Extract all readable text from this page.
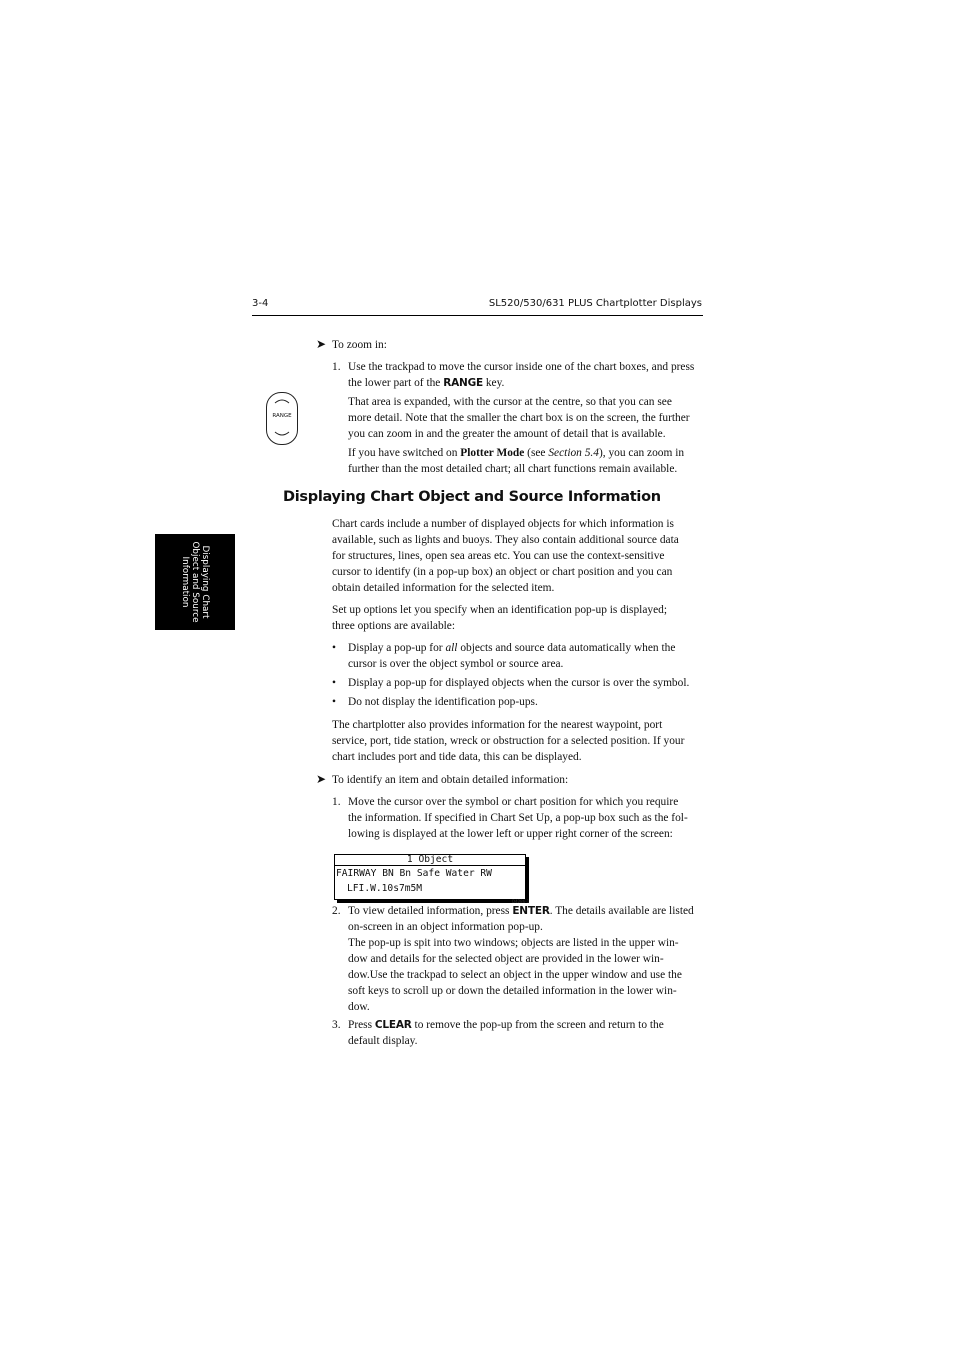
3-4	SL520/530/631 PLUS Chartplotter Displays
Displaying Chart
Object and Source
Information
RANGE
➤ To zoom in:
1. Use the trackpad to move the cursor inside one of the chart boxes, and press
the lower part of the RANGE key.
That area is expanded, with the cursor at the centre, so that you can see
more detail. Note that the smaller the chart box is on the screen, the further
you can zoom in and the greater the amount of detail that is available.
If you have switched on Plotter Mode (see Section 5.4), you can zoom in
further than the most detailed chart; all chart functions remain available.
Displaying Chart Object and Source Information
Chart cards include a number of displayed objects for which information is
available, such as lights and buoys. They also contain additional source data
for structures, lines, open sea areas etc. You can use the context-sensitive
cursor to identify (in a pop-up box) an object or chart position and you can
obtain detailed information for the selected item.
Set up options let you specify when an identification pop-up is displayed;
three options are available:
• Display a pop-up for all objects and source data automatically when the
cursor is over the object symbol or source area.
• Display a pop-up for displayed objects when the cursor is over the symbol.
• Do not display the identification pop-ups.
The chartplotter also provides information for the nearest waypoint, port
service, port, tide station, wreck or obstruction for a selected position. If your
chart includes port and tide data, this can be displayed.
➤ To identify an item and obtain detailed information:
1. Move the cursor over the symbol or chart position for which you require
the information. If specified in Chart Set Up, a pop-up box such as the fol-
lowing is displayed at the lower left or upper right corner of the screen:
1 Object
FAIRWAY BN Bn Safe Water RW
LFI.W.10s7m5M
D4286-1
2. To view detailed information, press ENTER. The details available are listed
on-screen in an object information pop-up.
The pop-up is spit into two windows; objects are listed in the upper win-
dow and details for the selected object are provided in the lower win-
dow.Use the trackpad to select an object in the upper window and use the
soft keys to scroll up or down the detailed information in the lower win-
dow.
3. Press CLEAR to remove the pop-up from the screen and return to the
default display.
